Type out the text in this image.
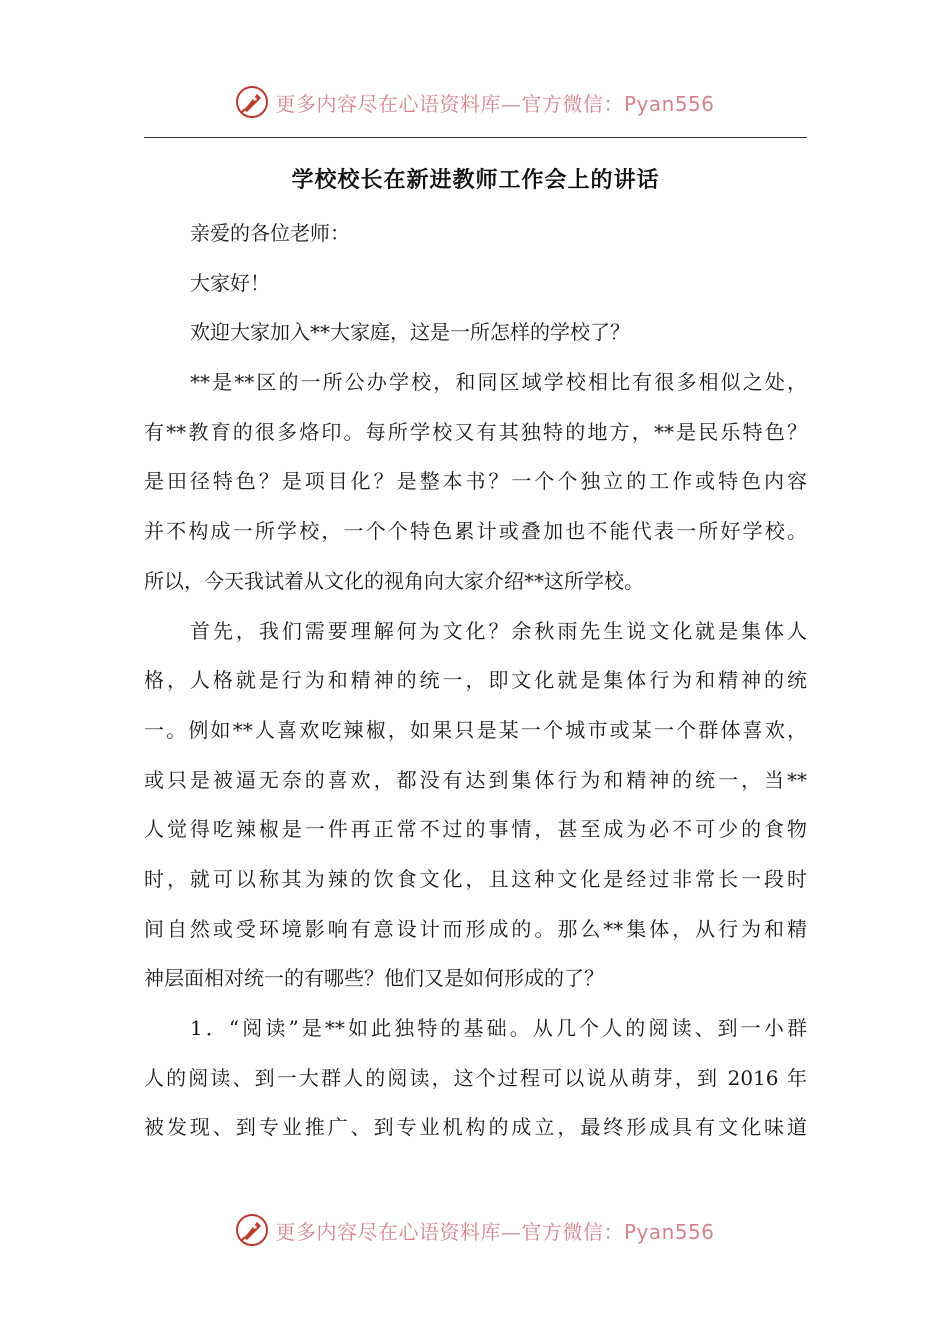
更多内容尽在心语资料库—官方微信：Pyan556
学校校长在新进教师工作会上的讲话
亲爱的各位老师：
大家好！
欢迎大家加入**大家庭，这是一所怎样的学校了？
**是**区的一所公办学校，和同区域学校相比有很多相似之处，
有**教育的很多烙印。每所学校又有其独特的地方，**是民乐特色？
是田径特色？是项目化？是整本书？一个个独立的工作或特色内容
并不构成一所学校，一个个特色累计或叠加也不能代表一所好学校。
所以，今天我试着从文化的视角向大家介绍**这所学校。
首先，我们需要理解何为文化？余秋雨先生说文化就是集体人
格，人格就是行为和精神的统一，即文化就是集体行为和精神的统
一。例如**人喜欢吃辣椒，如果只是某一个城市或某一个群体喜欢，
或只是被逼无奈的喜欢，都没有达到集体行为和精神的统一，当**
人觉得吃辣椒是一件再正常不过的事情，甚至成为必不可少的食物
时，就可以称其为辣的饮食文化，且这种文化是经过非常长一段时
间自然或受环境影响有意设计而形成的。那么**集体，从行为和精
神层面相对统一的有哪些？他们又是如何形成的了？
1．“阅读”是**如此独特的基础。从几个人的阅读、到一小群
人的阅读、到一大群人的阅读，这个过程可以说从萌芽，到 2016 年
被发现、到专业推广、到专业机构的成立，最终形成具有文化味道
更多内容尽在心语资料库—官方微信：Pyan556
